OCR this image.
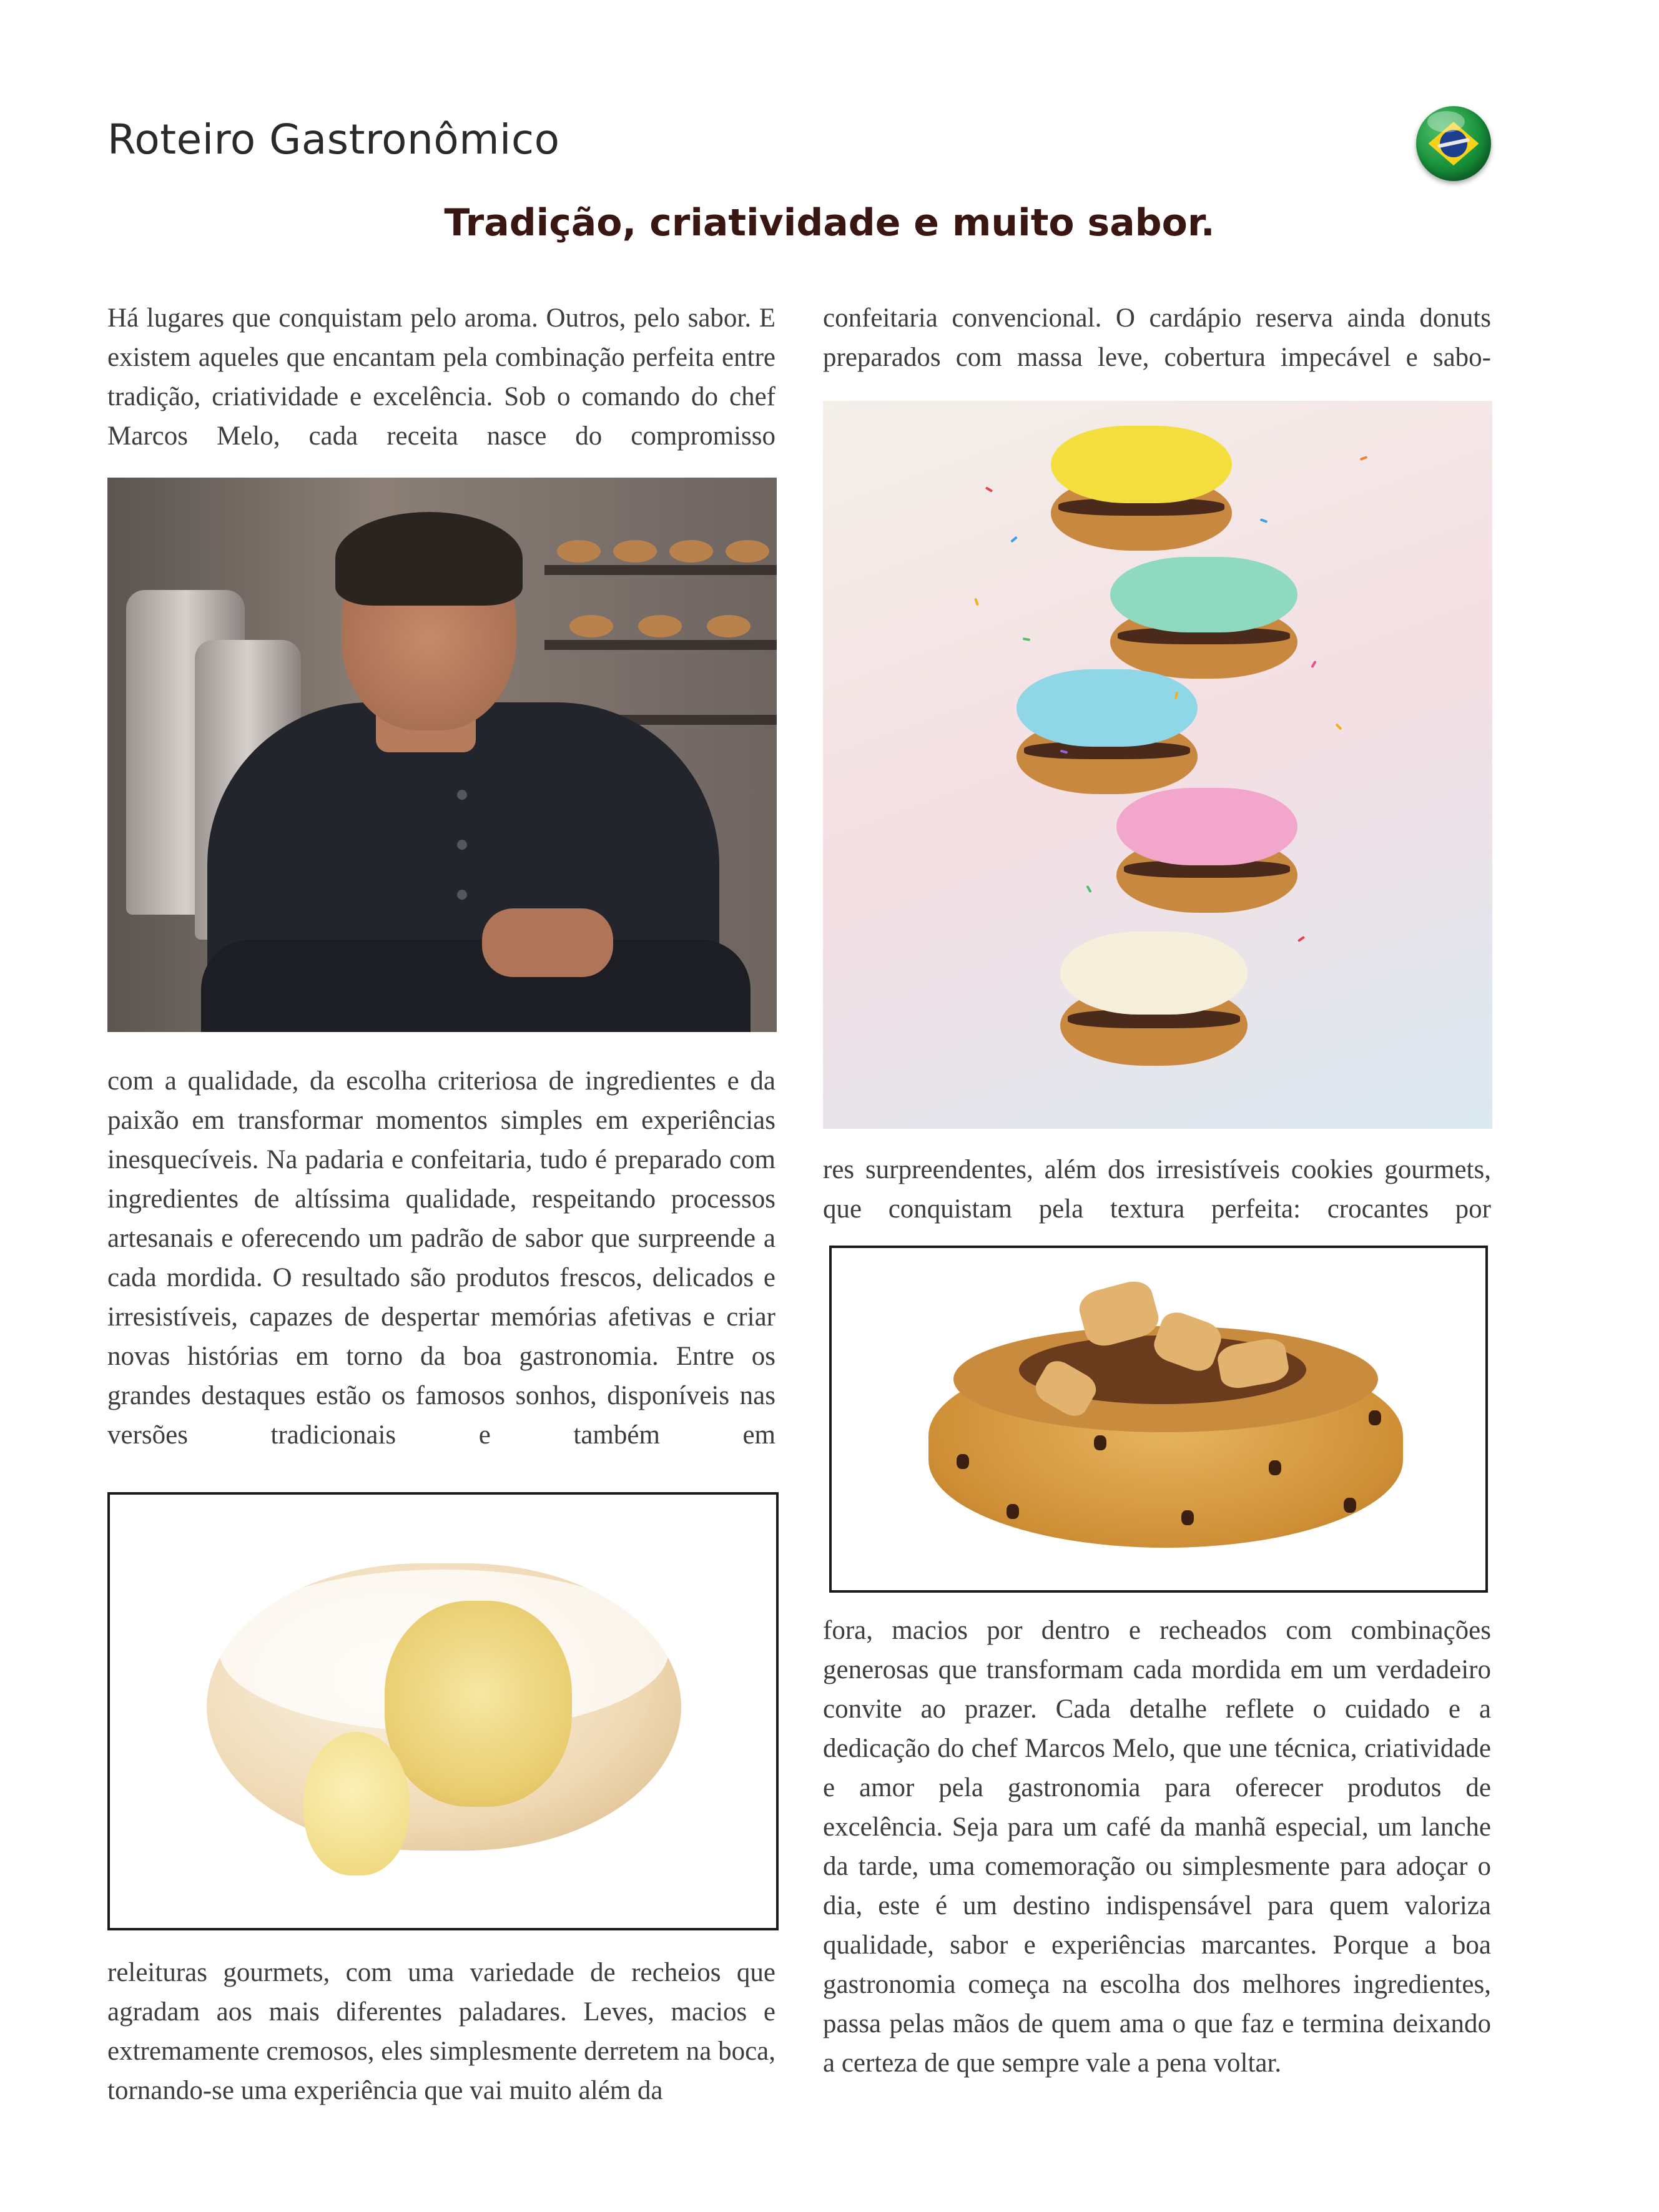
Roteiro Gastronômico
Tradição, criatividade e muito sabor.

Há lugares que conquistam pelo aroma. Outros, pelo sabor. E existem aqueles que encantam pela combinação perfeita entre tradição, criatividade e excelência. Sob o comando do chef Marcos Melo, cada receita nasce do compromisso

com a qualidade, da escolha criteriosa de ingredientes e da paixão em transformar momentos simples em experiências inesquecíveis. Na padaria e confeitaria, tudo é preparado com ingredientes de altíssima qualidade, respeitando processos artesanais e oferecendo um padrão de sabor que surpreende a cada mordida. O resultado são produtos frescos, delicados e irresistíveis, capazes de despertar memórias afetivas e criar novas histórias em torno da boa gastronomia. Entre os grandes destaques estão os famosos sonhos, disponíveis nas versões tradicionais e também em

releituras gourmets, com uma variedade de recheios que agradam aos mais diferentes paladares. Leves, macios e extremamente cremosos, eles simplesmente derretem na boca, tornando-se uma experiência que vai muito além da

confeitaria convencional. O cardápio reserva ainda donuts preparados com massa leve, cobertura impecável e sabo-

res surpreendentes, além dos irresistíveis cookies gourmets, que conquistam pela textura perfeita: crocantes por

fora, macios por dentro e recheados com combinações generosas que transformam cada mordida em um verdadeiro convite ao prazer. Cada detalhe reflete o cuidado e a dedicação do chef Marcos Melo, que une técnica, criatividade e amor pela gastronomia para oferecer produtos de excelência. Seja para um café da manhã especial, um lanche da tarde, uma comemoração ou simplesmente para adoçar o dia, este é um destino indispensável para quem valoriza qualidade, sabor e experiências marcantes. Porque a boa gastronomia começa na escolha dos melhores ingredientes, passa pelas mãos de quem ama o que faz e termina deixando a certeza de que sempre vale a pena voltar.
